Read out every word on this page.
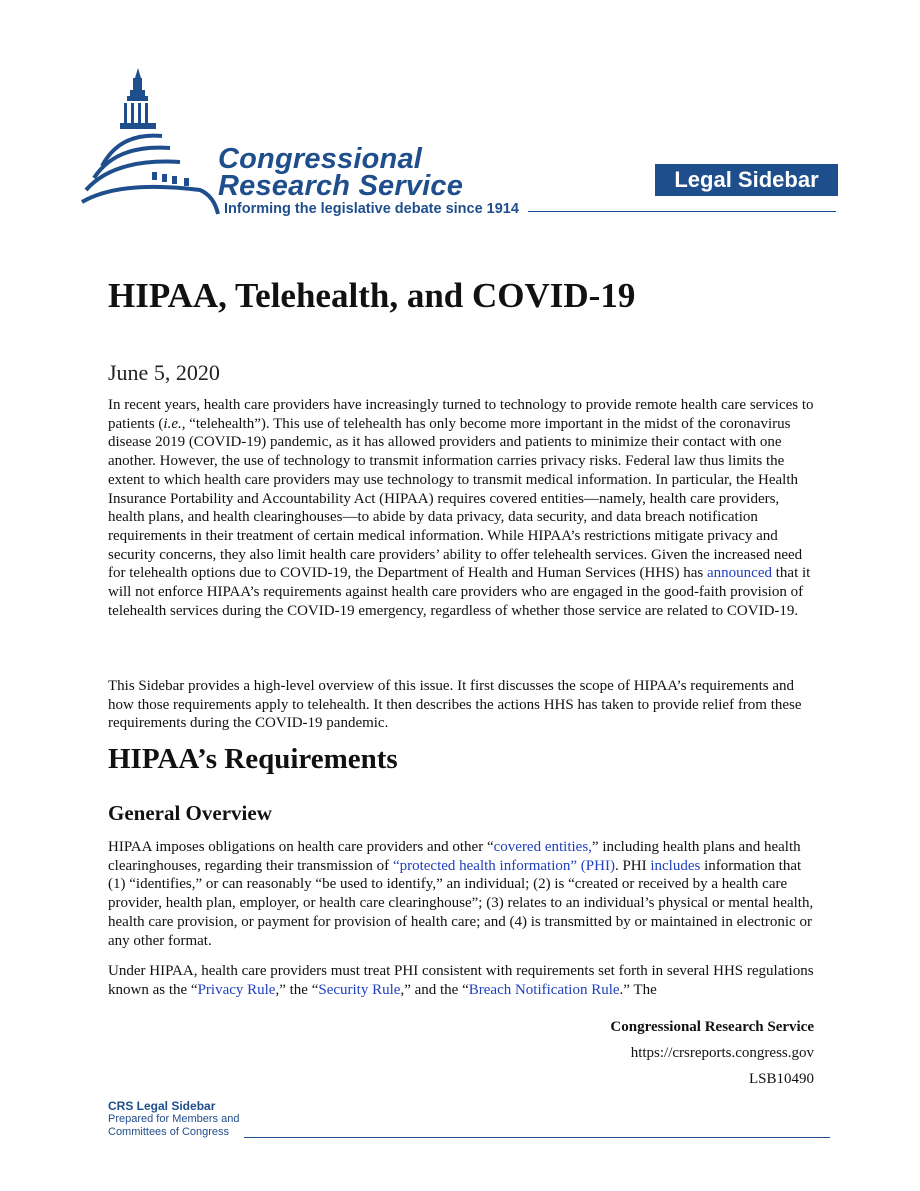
Congressional
Research Service
Informing the legislative debate since 1914
Legal Sidebar
HIPAA, Telehealth, and COVID-19
June 5, 2020

In recent years, health care providers have increasingly turned to technology to provide remote health care services to patients (i.e., “telehealth”). This use of telehealth has only become more important in the midst of the coronavirus disease 2019 (COVID-19) pandemic, as it has allowed providers and patients to minimize their contact with one another. However, the use of technology to transmit information carries privacy risks. Federal law thus limits the extent to which health care providers may use technology to transmit medical information. In particular, the Health Insurance Portability and Accountability Act (HIPAA) requires covered entities—namely, health care providers, health plans, and health clearinghouses—to abide by data privacy, data security, and data breach notification requirements in their treatment of certain medical information. While HIPAA’s restrictions mitigate privacy and security concerns, they also limit health care providers’ ability to offer telehealth services. Given the increased need for telehealth options due to COVID-19, the Department of Health and Human Services (HHS) has announced that it will not enforce HIPAA’s requirements against health care providers who are engaged in the good-faith provision of telehealth services during the COVID-19 emergency, regardless of whether those service are related to COVID-19.

This Sidebar provides a high-level overview of this issue. It first discusses the scope of HIPAA’s requirements and how those requirements apply to telehealth. It then describes the actions HHS has taken to provide relief from these requirements during the COVID-19 pandemic.

HIPAA’s Requirements
General Overview

HIPAA imposes obligations on health care providers and other “covered entities,” including health plans and health clearinghouses, regarding their transmission of “protected health information” (PHI). PHI includes information that (1) “identifies,” or can reasonably “be used to identify,” an individual; (2) is “created or received by a health care provider, health plan, employer, or health care clearinghouse”; (3) relates to an individual’s physical or mental health, health care provision, or payment for provision of health care; and (4) is transmitted by or maintained in electronic or any other format.

Under HIPAA, health care providers must treat PHI consistent with requirements set forth in several HHS regulations known as the “Privacy Rule,” the “Security Rule,” and the “Breach Notification Rule.” The

Congressional Research Service
https://crsreports.congress.gov
LSB10490
CRS Legal Sidebar
Prepared for Members and
Committees of Congress
